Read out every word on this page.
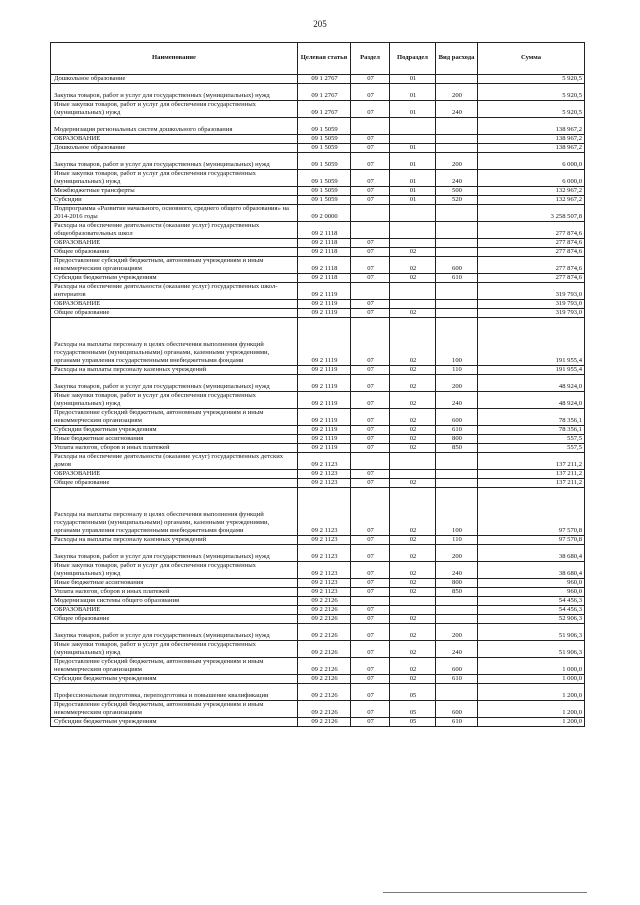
205
Наименование	Целевая статья	Раздел	Подраздел	Вид расхода	Сумма
Дошкольное образование	09 1 2767	07	01		5 920,5
Закупка товаров, работ и услуг для государственных (муниципальных) нужд	09 1 2767	07	01	200	5 920,5
Иные закупки товаров, работ и услуг для обеспечения государственных (муниципальных) нужд	09 1 2767	07	01	240	5 920,5
Модернизация региональных систем дошкольного образования	09 1 5059				138 967,2
ОБРАЗОВАНИЕ	09 1 5059	07			138 967,2
Дошкольное образование	09 1 5059	07	01		138 967,2
Закупка товаров, работ и услуг для государственных (муниципальных) нужд	09 1 5059	07	01	200	6 000,0
Иные закупки товаров, работ и услуг для обеспечения государственных (муниципальных) нужд	09 1 5059	07	01	240	6 000,0
Межбюджетные трансферты	09 1 5059	07	01	500	132 967,2
Субсидии	09 1 5059	07	01	520	132 967,2
Подпрограмма «Развитие начального, основного, среднего общего образования» на 2014-2016 годы	09 2 0000				3 258 507,8
Расходы на обеспечение деятельности (оказание услуг) государственных общеобразовательных школ	09 2 1118				277 874,6
ОБРАЗОВАНИЕ	09 2 1118	07			277 874,6
Общее образование	09 2 1118	07	02		277 874,6
Предоставление субсидий бюджетным, автономным учреждениям и иным некоммерческим организациям	09 2 1118	07	02	600	277 874,6
Субсидии бюджетным учреждениям	09 2 1118	07	02	610	277 874,6
Расходы на обеспечение деятельности (оказание услуг) государственных школ-интернатов	09 2 1119				319 793,0
ОБРАЗОВАНИЕ	09 2 1119	07			319 793,0
Общее образование	09 2 1119	07	02		319 793,0
Расходы на выплаты персоналу в целях обеспечения выполнения функций государственными (муниципальными) органами, казенными учреждениями, органами управления государственными внебюджетными фондами	09 2 1119	07	02	100	191 955,4
Расходы на выплаты персоналу казенных учреждений	09 2 1119	07	02	110	191 955,4
Закупка товаров, работ и услуг для государственных (муниципальных) нужд	09 2 1119	07	02	200	48 924,0
Иные закупки товаров, работ и услуг для обеспечения государственных (муниципальных) нужд	09 2 1119	07	02	240	48 924,0
Предоставление субсидий бюджетным, автономным учреждениям и иным некоммерческим организациям	09 2 1119	07	02	600	78 356,1
Субсидии бюджетным учреждениям	09 2 1119	07	02	610	78 356,1
Иные бюджетные ассигнования	09 2 1119	07	02	800	557,5
Уплата налогов, сборов и иных платежей	09 2 1119	07	02	850	557,5
Расходы на обеспечение деятельности (оказание услуг) государственных детских домов	09 2 1123				137 211,2
ОБРАЗОВАНИЕ	09 2 1123	07			137 211,2
Общее образование	09 2 1123	07	02		137 211,2
Расходы на выплаты персоналу в целях обеспечения выполнения функций государственными (муниципальными) органами, казенными учреждениями, органами управления государственными внебюджетными фондами	09 2 1123	07	02	100	97 570,8
Расходы на выплаты персоналу казенных учреждений	09 2 1123	07	02	110	97 570,8
Закупка товаров, работ и услуг для государственных (муниципальных) нужд	09 2 1123	07	02	200	38 680,4
Иные закупки товаров, работ и услуг для обеспечения государственных (муниципальных) нужд	09 2 1123	07	02	240	38 680,4
Иные бюджетные ассигнования	09 2 1123	07	02	800	960,0
Уплата налогов, сборов и иных платежей	09 2 1123	07	02	850	960,0
Модернизация системы общего образования	09 2 2126				54 456,3
ОБРАЗОВАНИЕ	09 2 2126	07			54 456,3
Общее образование	09 2 2126	07	02		52 906,3
Закупка товаров, работ и услуг для государственных (муниципальных) нужд	09 2 2126	07	02	200	51 906,3
Иные закупки товаров, работ и услуг для обеспечения государственных (муниципальных) нужд	09 2 2126	07	02	240	51 906,3
Предоставление субсидий бюджетным, автономным учреждениям и иным некоммерческим организациям	09 2 2126	07	02	600	1 000,0
Субсидии бюджетным учреждениям	09 2 2126	07	02	610	1 000,0
Профессиональная подготовка, переподготовка и повышение квалификации	09 2 2126	07	05		1 200,0
Предоставление субсидий бюджетным, автономным учреждениям и иным некоммерческим организациям	09 2 2126	07	05	600	1 200,0
Субсидии бюджетным учреждениям	09 2 2126	07	05	610	1 200,0
